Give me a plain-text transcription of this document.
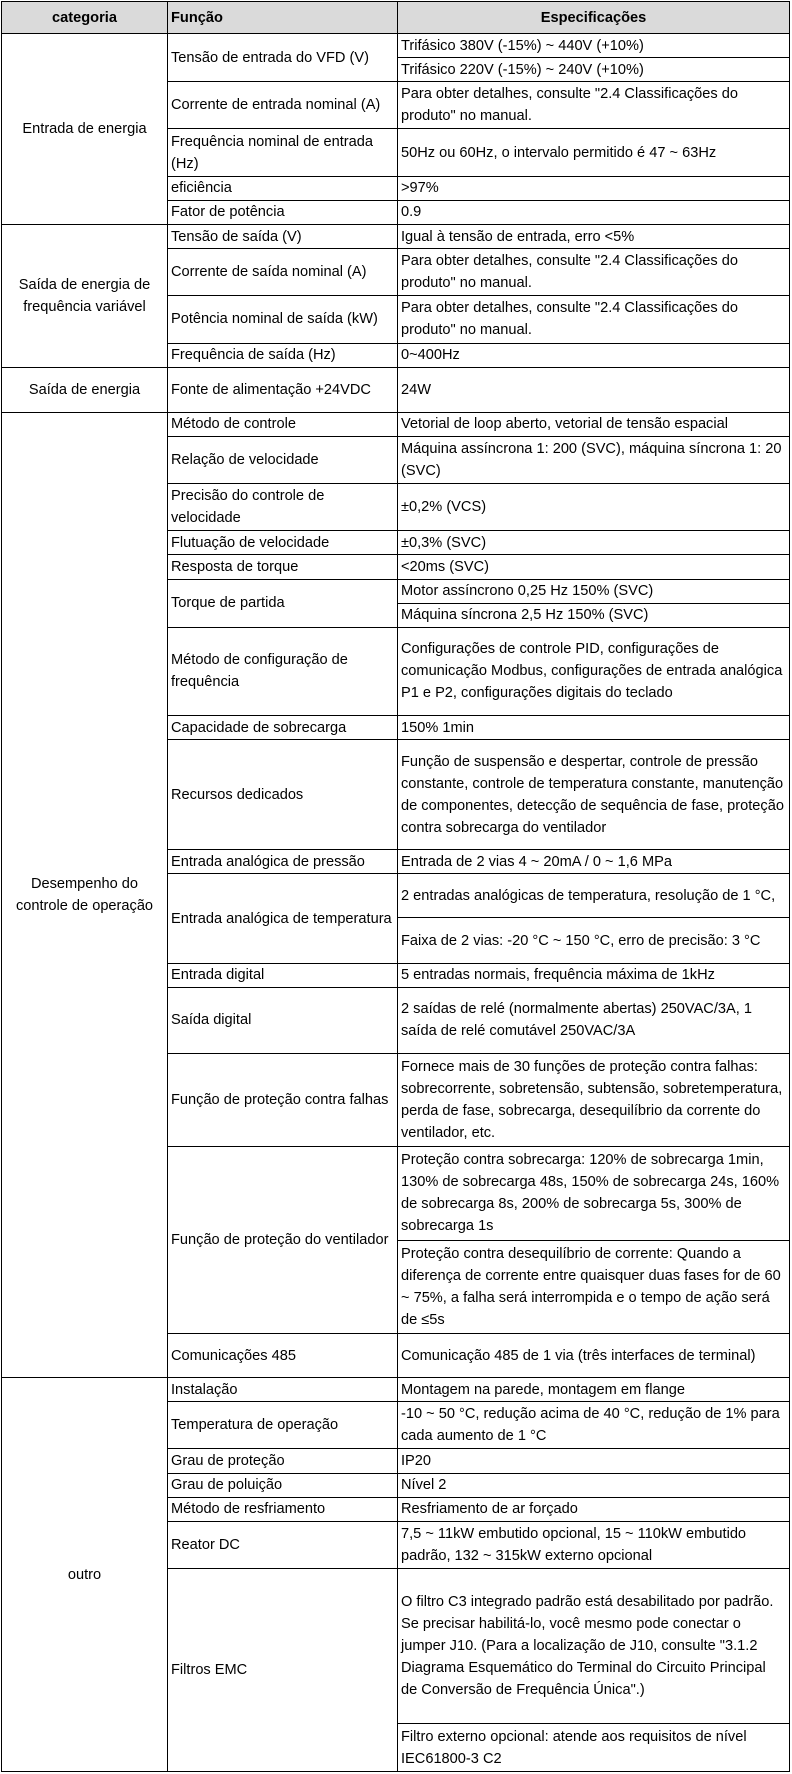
categoria	Função	Especificações
Entrada de energia	Tensão de entrada do VFD (V)	Trifásico 380V (-15%) ~ 440V (+10%)
		Trifásico 220V (-15%) ~ 240V (+10%)
	Corrente de entrada nominal (A)	Para obter detalhes, consulte "2.4 Classificações do produto" no manual.
	Frequência nominal de entrada (Hz)	50Hz ou 60Hz, o intervalo permitido é 47 ~ 63Hz
	eficiência	>97%
	Fator de potência	0.9
Saída de energia de frequência variável	Tensão de saída (V)	Igual à tensão de entrada, erro <5%
	Corrente de saída nominal (A)	Para obter detalhes, consulte "2.4 Classificações do produto" no manual.
	Potência nominal de saída (kW)	Para obter detalhes, consulte "2.4 Classificações do produto" no manual.
	Frequência de saída (Hz)	0~400Hz
Saída de energia	Fonte de alimentação +24VDC	24W
Desempenho do controle de operação	Método de controle	Vetorial de loop aberto, vetorial de tensão espacial
	Relação de velocidade	Máquina assíncrona 1: 200 (SVC), máquina síncrona 1: 20 (SVC)
	Precisão do controle de velocidade	±0,2% (VCS)
	Flutuação de velocidade	±0,3% (SVC)
	Resposta de torque	<20ms (SVC)
	Torque de partida	Motor assíncrono 0,25 Hz 150% (SVC)
		Máquina síncrona 2,5 Hz 150% (SVC)
	Método de configuração de frequência	Configurações de controle PID, configurações de comunicação Modbus, configurações de entrada analógica P1 e P2, configurações digitais do teclado
	Capacidade de sobrecarga	150% 1min
	Recursos dedicados	Função de suspensão e despertar, controle de pressão constante, controle de temperatura constante, manutenção de componentes, detecção de sequência de fase, proteção contra sobrecarga do ventilador
	Entrada analógica de pressão	Entrada de 2 vias 4 ~ 20mA / 0 ~ 1,6 MPa
	Entrada analógica de temperatura	2 entradas analógicas de temperatura, resolução de 1 °C,
		Faixa de 2 vias: -20 °C ~ 150 °C, erro de precisão: 3 °C
	Entrada digital	5 entradas normais, frequência máxima de 1kHz
	Saída digital	2 saídas de relé (normalmente abertas) 250VAC/3A, 1 saída de relé comutável 250VAC/3A
	Função de proteção contra falhas	Fornece mais de 30 funções de proteção contra falhas: sobrecorrente, sobretensão, subtensão, sobretemperatura, perda de fase, sobrecarga, desequilíbrio da corrente do ventilador, etc.
	Função de proteção do ventilador	Proteção contra sobrecarga: 120% de sobrecarga 1min, 130% de sobrecarga 48s, 150% de sobrecarga 24s, 160% de sobrecarga 8s, 200% de sobrecarga 5s, 300% de sobrecarga 1s
		Proteção contra desequilíbrio de corrente: Quando a diferença de corrente entre quaisquer duas fases for de 60 ~ 75%, a falha será interrompida e o tempo de ação será de ≤5s
	Comunicações 485	Comunicação 485 de 1 via (três interfaces de terminal)
outro	Instalação	Montagem na parede, montagem em flange
	Temperatura de operação	-10 ~ 50 °C, redução acima de 40 °C, redução de 1% para cada aumento de 1 °C
	Grau de proteção	IP20
	Grau de poluição	Nível 2
	Método de resfriamento	Resfriamento de ar forçado
	Reator DC	7,5 ~ 11kW embutido opcional, 15 ~ 110kW embutido padrão, 132 ~ 315kW externo opcional
	Filtros EMC	O filtro C3 integrado padrão está desabilitado por padrão. Se precisar habilitá-lo, você mesmo pode conectar o jumper J10. (Para a localização de J10, consulte "3.1.2 Diagrama Esquemático do Terminal do Circuito Principal de Conversão de Frequência Única".)
		Filtro externo opcional: atende aos requisitos de nível IEC61800-3 C2
